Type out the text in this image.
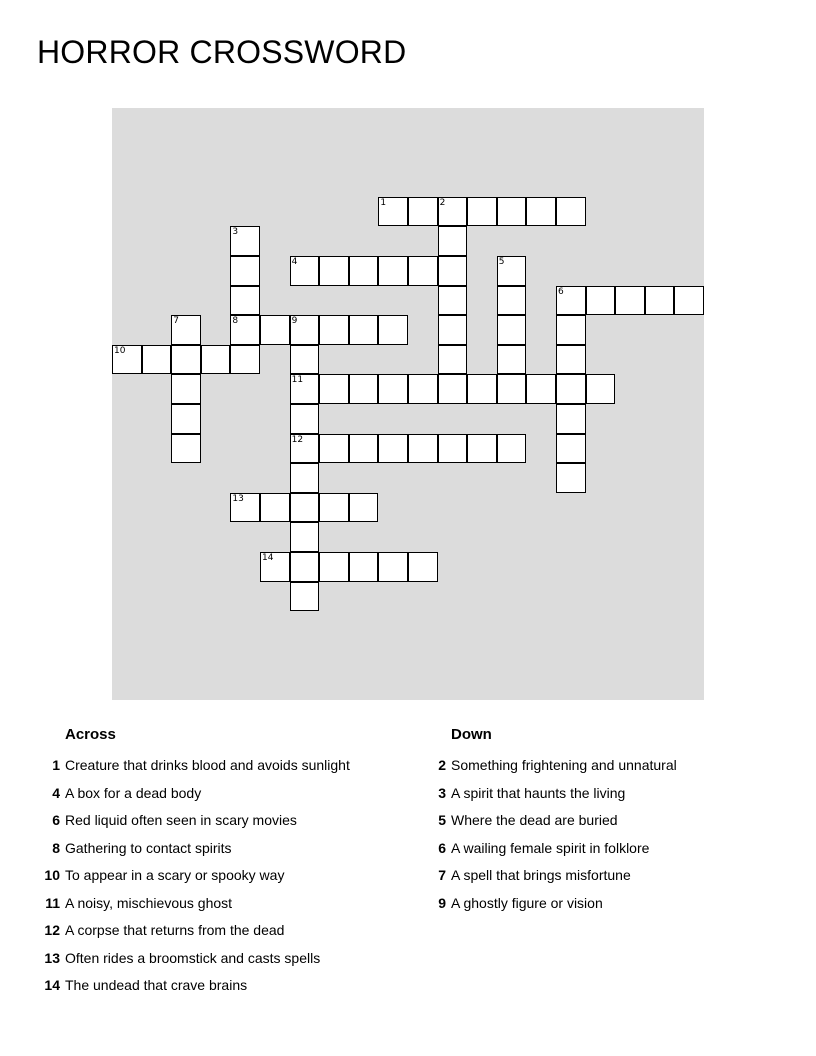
HORROR CROSSWORD
1	2
3
8
4	5
6
7	9
11
12
10
13
14
Across
1 Creature that drinks blood and avoids sunlight
4 A box for a dead body
6 Red liquid often seen in scary movies
8 Gathering to contact spirits
10 To appear in a scary or spooky way
11 A noisy, mischievous ghost
12 A corpse that returns from the dead
13 Often rides a broomstick and casts spells
14 The undead that crave brains
Down
2 Something frightening and unnatural
3 A spirit that haunts the living
5 Where the dead are buried
6 A wailing female spirit in folklore
7 A spell that brings misfortune
9 A ghostly figure or vision
